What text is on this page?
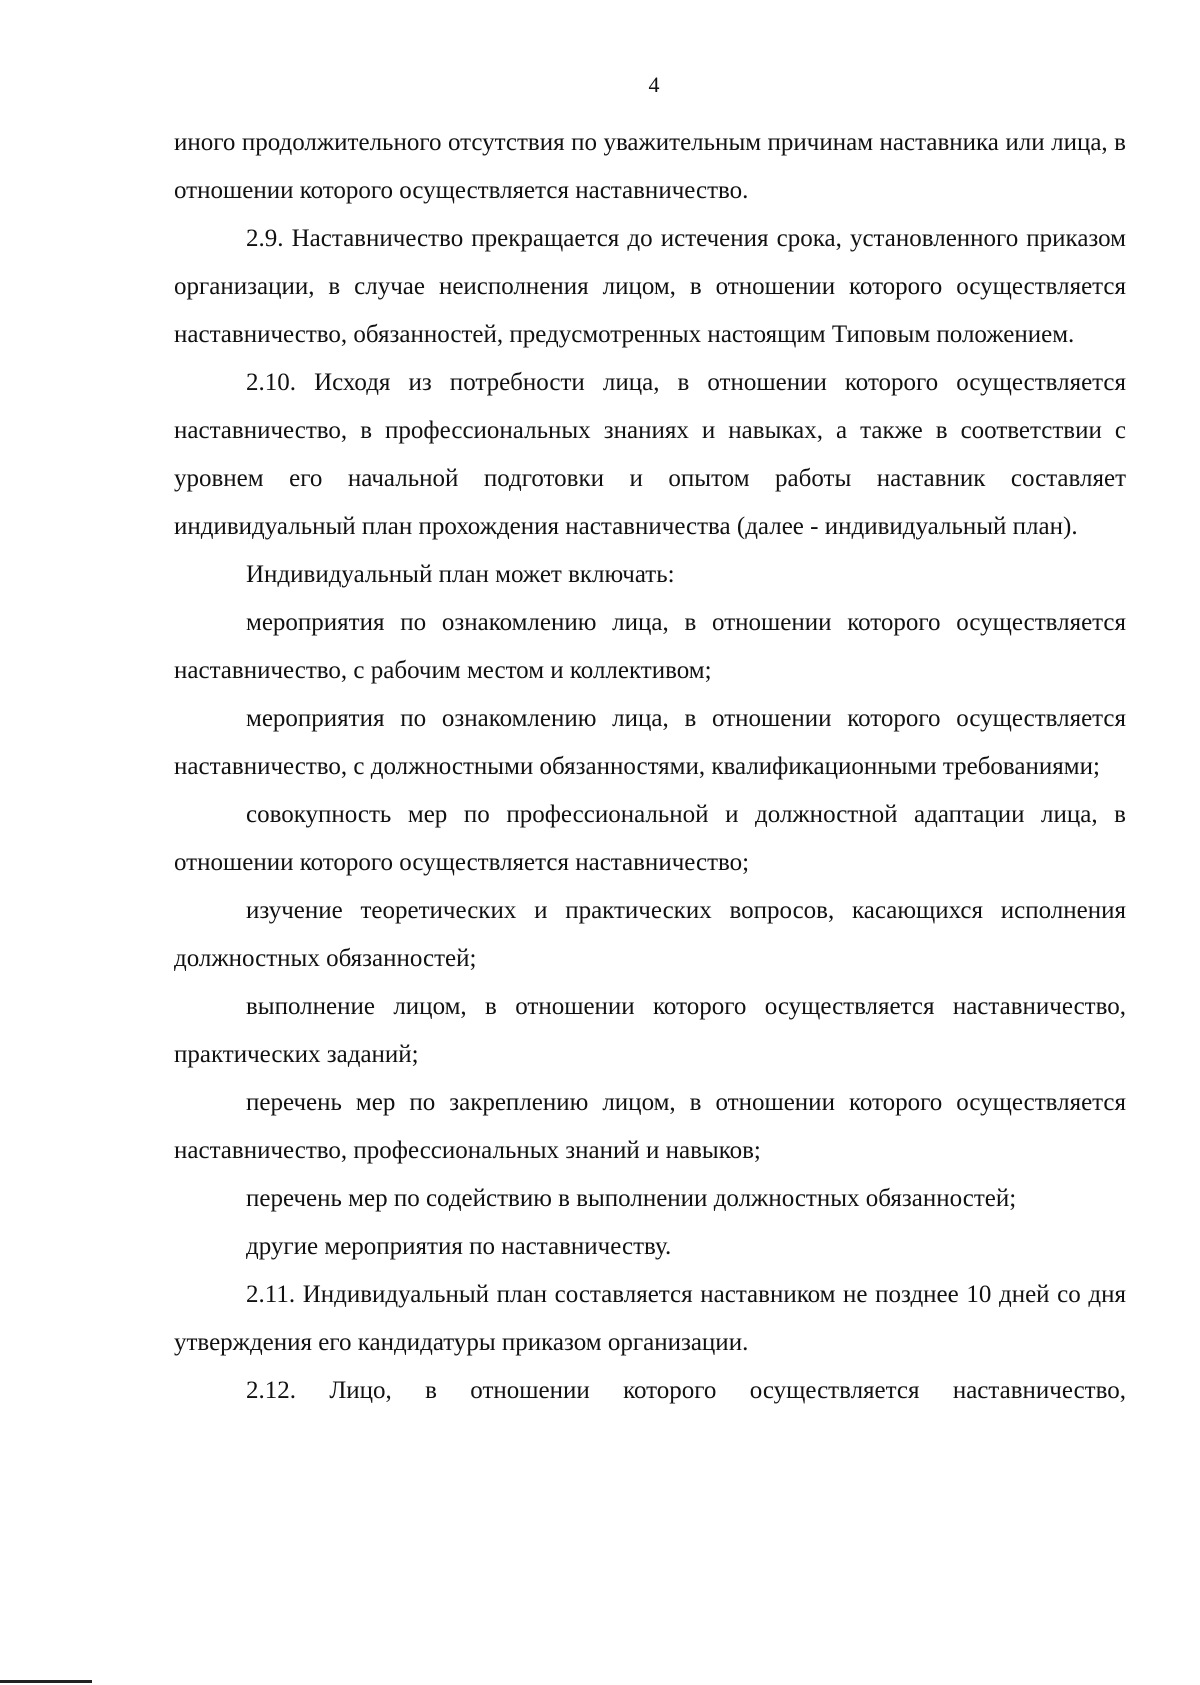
4

иного продолжительного отсутствия по уважительным причинам наставника или лица, в отношении которого осуществляется наставничество.

2.9. Наставничество прекращается до истечения срока, установленного приказом организации, в случае неисполнения лицом, в отношении которого осуществляется наставничество, обязанностей, предусмотренных настоящим Типовым положением.

2.10. Исходя из потребности лица, в отношении которого осуществляется наставничество, в профессиональных знаниях и навыках, а также в соответствии с уровнем его начальной подготовки и опытом работы наставник составляет индивидуальный план прохождения наставничества (далее - индивидуальный план).

Индивидуальный план может включать:

мероприятия по ознакомлению лица, в отношении которого осуществляется наставничество, с рабочим местом и коллективом;

мероприятия по ознакомлению лица, в отношении которого осуществляется наставничество, с должностными обязанностями, квалификационными требованиями;

совокупность мер по профессиональной и должностной адаптации лица, в отношении которого осуществляется наставничество;

изучение теоретических и практических вопросов, касающихся исполнения должностных обязанностей;

выполнение лицом, в отношении которого осуществляется наставничество, практических заданий;

перечень мер по закреплению лицом, в отношении которого осуществляется наставничество, профессиональных знаний и навыков;

перечень мер по содействию в выполнении должностных обязанностей;

другие мероприятия по наставничеству.

2.11. Индивидуальный план составляется наставником не позднее 10 дней со дня утверждения его кандидатуры приказом организации.

2.12. Лицо, в отношении которого осуществляется наставничество,
